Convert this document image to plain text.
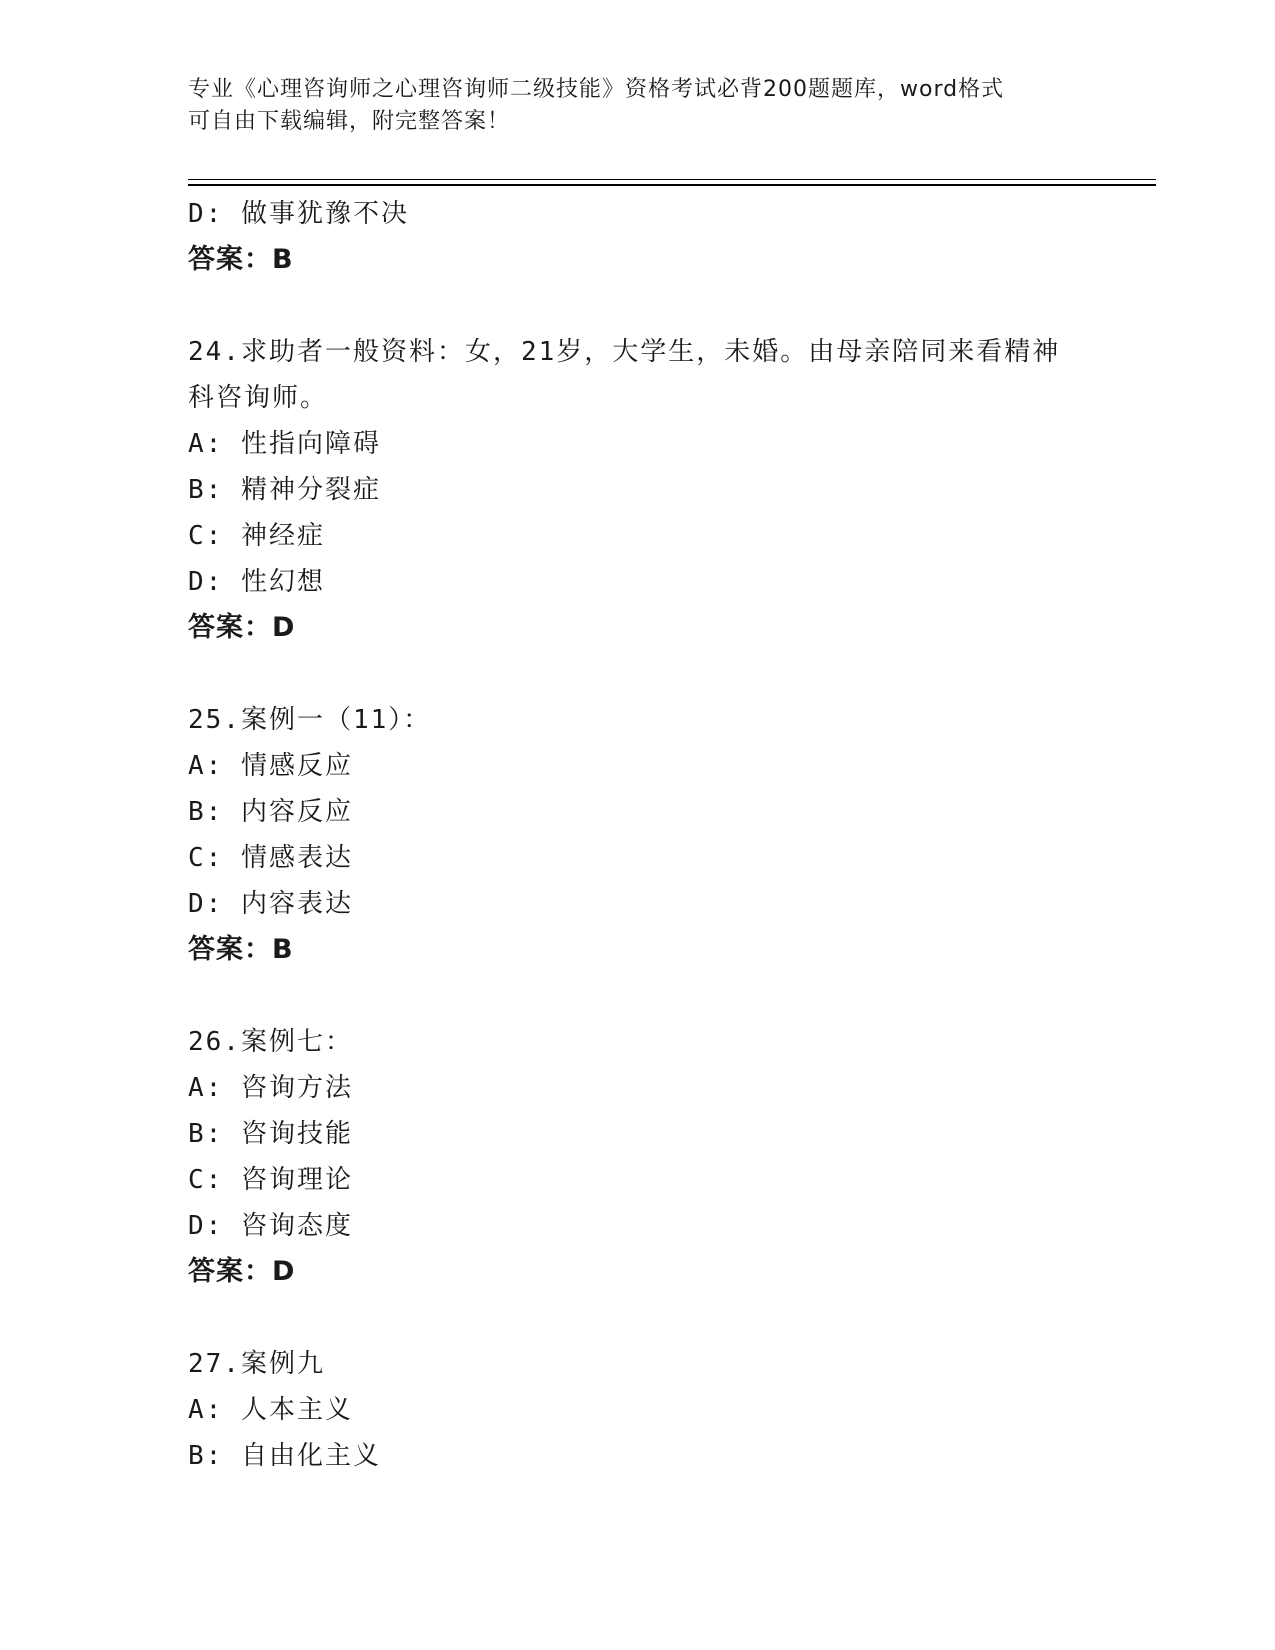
专业《心理咨询师之心理咨询师二级技能》资格考试必背200题题库，word格式
可自由下载编辑，附完整答案！
D: 做事犹豫不决
答案：B
24.求助者一般资料：女，21岁，大学生，未婚。由母亲陪同来看精神
科咨询师。
A: 性指向障碍
B: 精神分裂症
C: 神经症
D: 性幻想
答案：D
25.案例一（11）：
A: 情感反应
B: 内容反应
C: 情感表达
D: 内容表达
答案：B
26.案例七：
A: 咨询方法
B: 咨询技能
C: 咨询理论
D: 咨询态度
答案：D
27.案例九
A: 人本主义
B: 自由化主义
